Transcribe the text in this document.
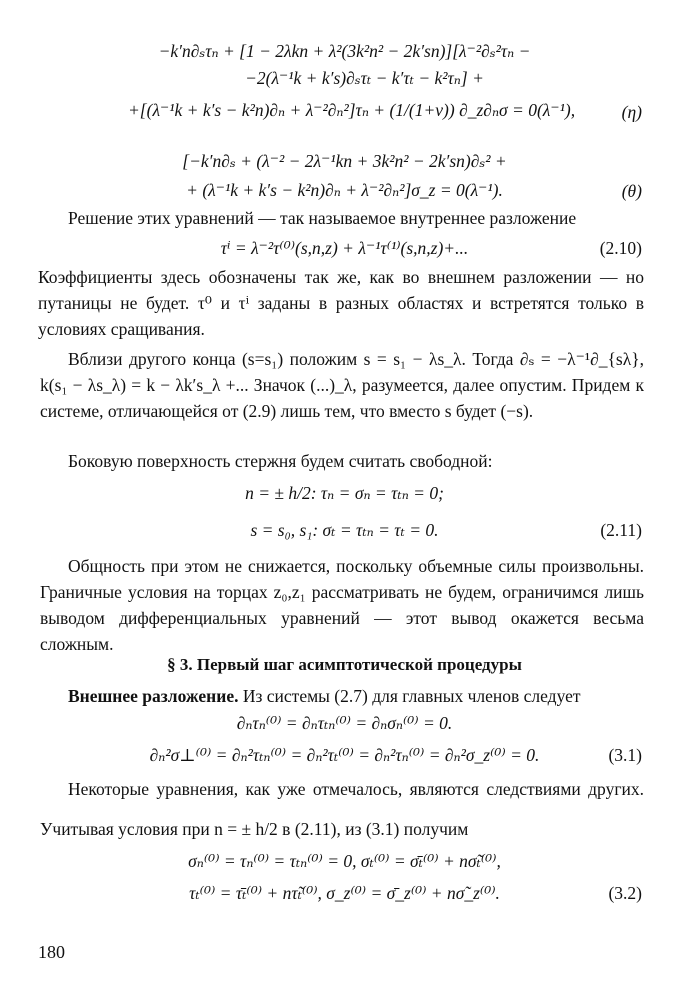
−k′n∂ₛτₙ + [1 − 2λkn + λ²(3k²n² − 2k′sn)][λ⁻²∂ₛ²τₙ −
−2(λ⁻¹k + k′s)∂ₛτₜ − k′τₜ − k²τₙ] +
+[(λ⁻¹k + k′s − k²n)∂ₙ + λ⁻²∂ₙ²]τₙ + (1/(1+ν)) ∂_z∂ₙσ = 0(λ⁻¹),	(η)
[−k′n∂ₛ + (λ⁻² − 2λ⁻¹kn + 3k²n² − 2k′sn)∂ₛ² +
+ (λ⁻¹k + k′s − k²n)∂ₙ + λ⁻²∂ₙ²]σ_z = 0(λ⁻¹).	(θ)
Решение этих уравнений — так называемое внутреннее разложение
τⁱ = λ⁻²τ⁽⁰⁾(s,n,z) + λ⁻¹τ⁽¹⁾(s,n,z)+...	(2.10)
Коэффициенты здесь обозначены так же, как во внешнем разложении — но путаницы не будет. τ⁰ и τⁱ заданы в разных областях и встретятся только в условиях сращивания.
Вблизи другого конца (s=s₁) положим s = s₁ − λs_λ. Тогда ∂ₛ = −λ⁻¹∂_{sλ}, k(s₁ − λs_λ) = k − λk′s_λ +... Значок (...)_λ, разумеется, далее опустим. Придем к системе, отличающейся от (2.9) лишь тем, что вместо s будет (−s).
Боковую поверхность стержня будем считать свободной:
n = ± h/2: τₙ = σₙ = τₜₙ = 0;
s = s₀, s₁: σₜ = τₜₙ = τₜ = 0.	(2.11)
Общность при этом не снижается, поскольку объемные силы произвольны. Граничные условия на торцах z₀,z₁ рассматривать не будем, ограничимся лишь выводом дифференциальных уравнений — этот вывод окажется весьма сложным.
§ 3. Первый шаг асимптотической процедуры
Внешнее разложение. Из системы (2.7) для главных членов следует
∂ₙτₙ⁽⁰⁾ = ∂ₙτₜₙ⁽⁰⁾ = ∂ₙσₙ⁽⁰⁾ = 0.
∂ₙ²σ⊥⁽⁰⁾ = ∂ₙ²τₜₙ⁽⁰⁾ = ∂ₙ²τₜ⁽⁰⁾ = ∂ₙ²τₙ⁽⁰⁾ = ∂ₙ²σ_z⁽⁰⁾ = 0.	(3.1)
Некоторые уравнения, как уже отмечалось, являются следствиями других. Учитывая условия при n = ± h/2 в (2.11), из (3.1) получим
σₙ⁽⁰⁾ = τₙ⁽⁰⁾ = τₜₙ⁽⁰⁾ = 0, σₜ⁽⁰⁾ = σ̄ₜ⁽⁰⁾ + nσ̃ₜ⁽⁰⁾,
τₜ⁽⁰⁾ = τ̄ₜ⁽⁰⁾ + nτ̃ₜ⁽⁰⁾, σ_z⁽⁰⁾ = σ̄_z⁽⁰⁾ + nσ̃_z⁽⁰⁾.	(3.2)
180
